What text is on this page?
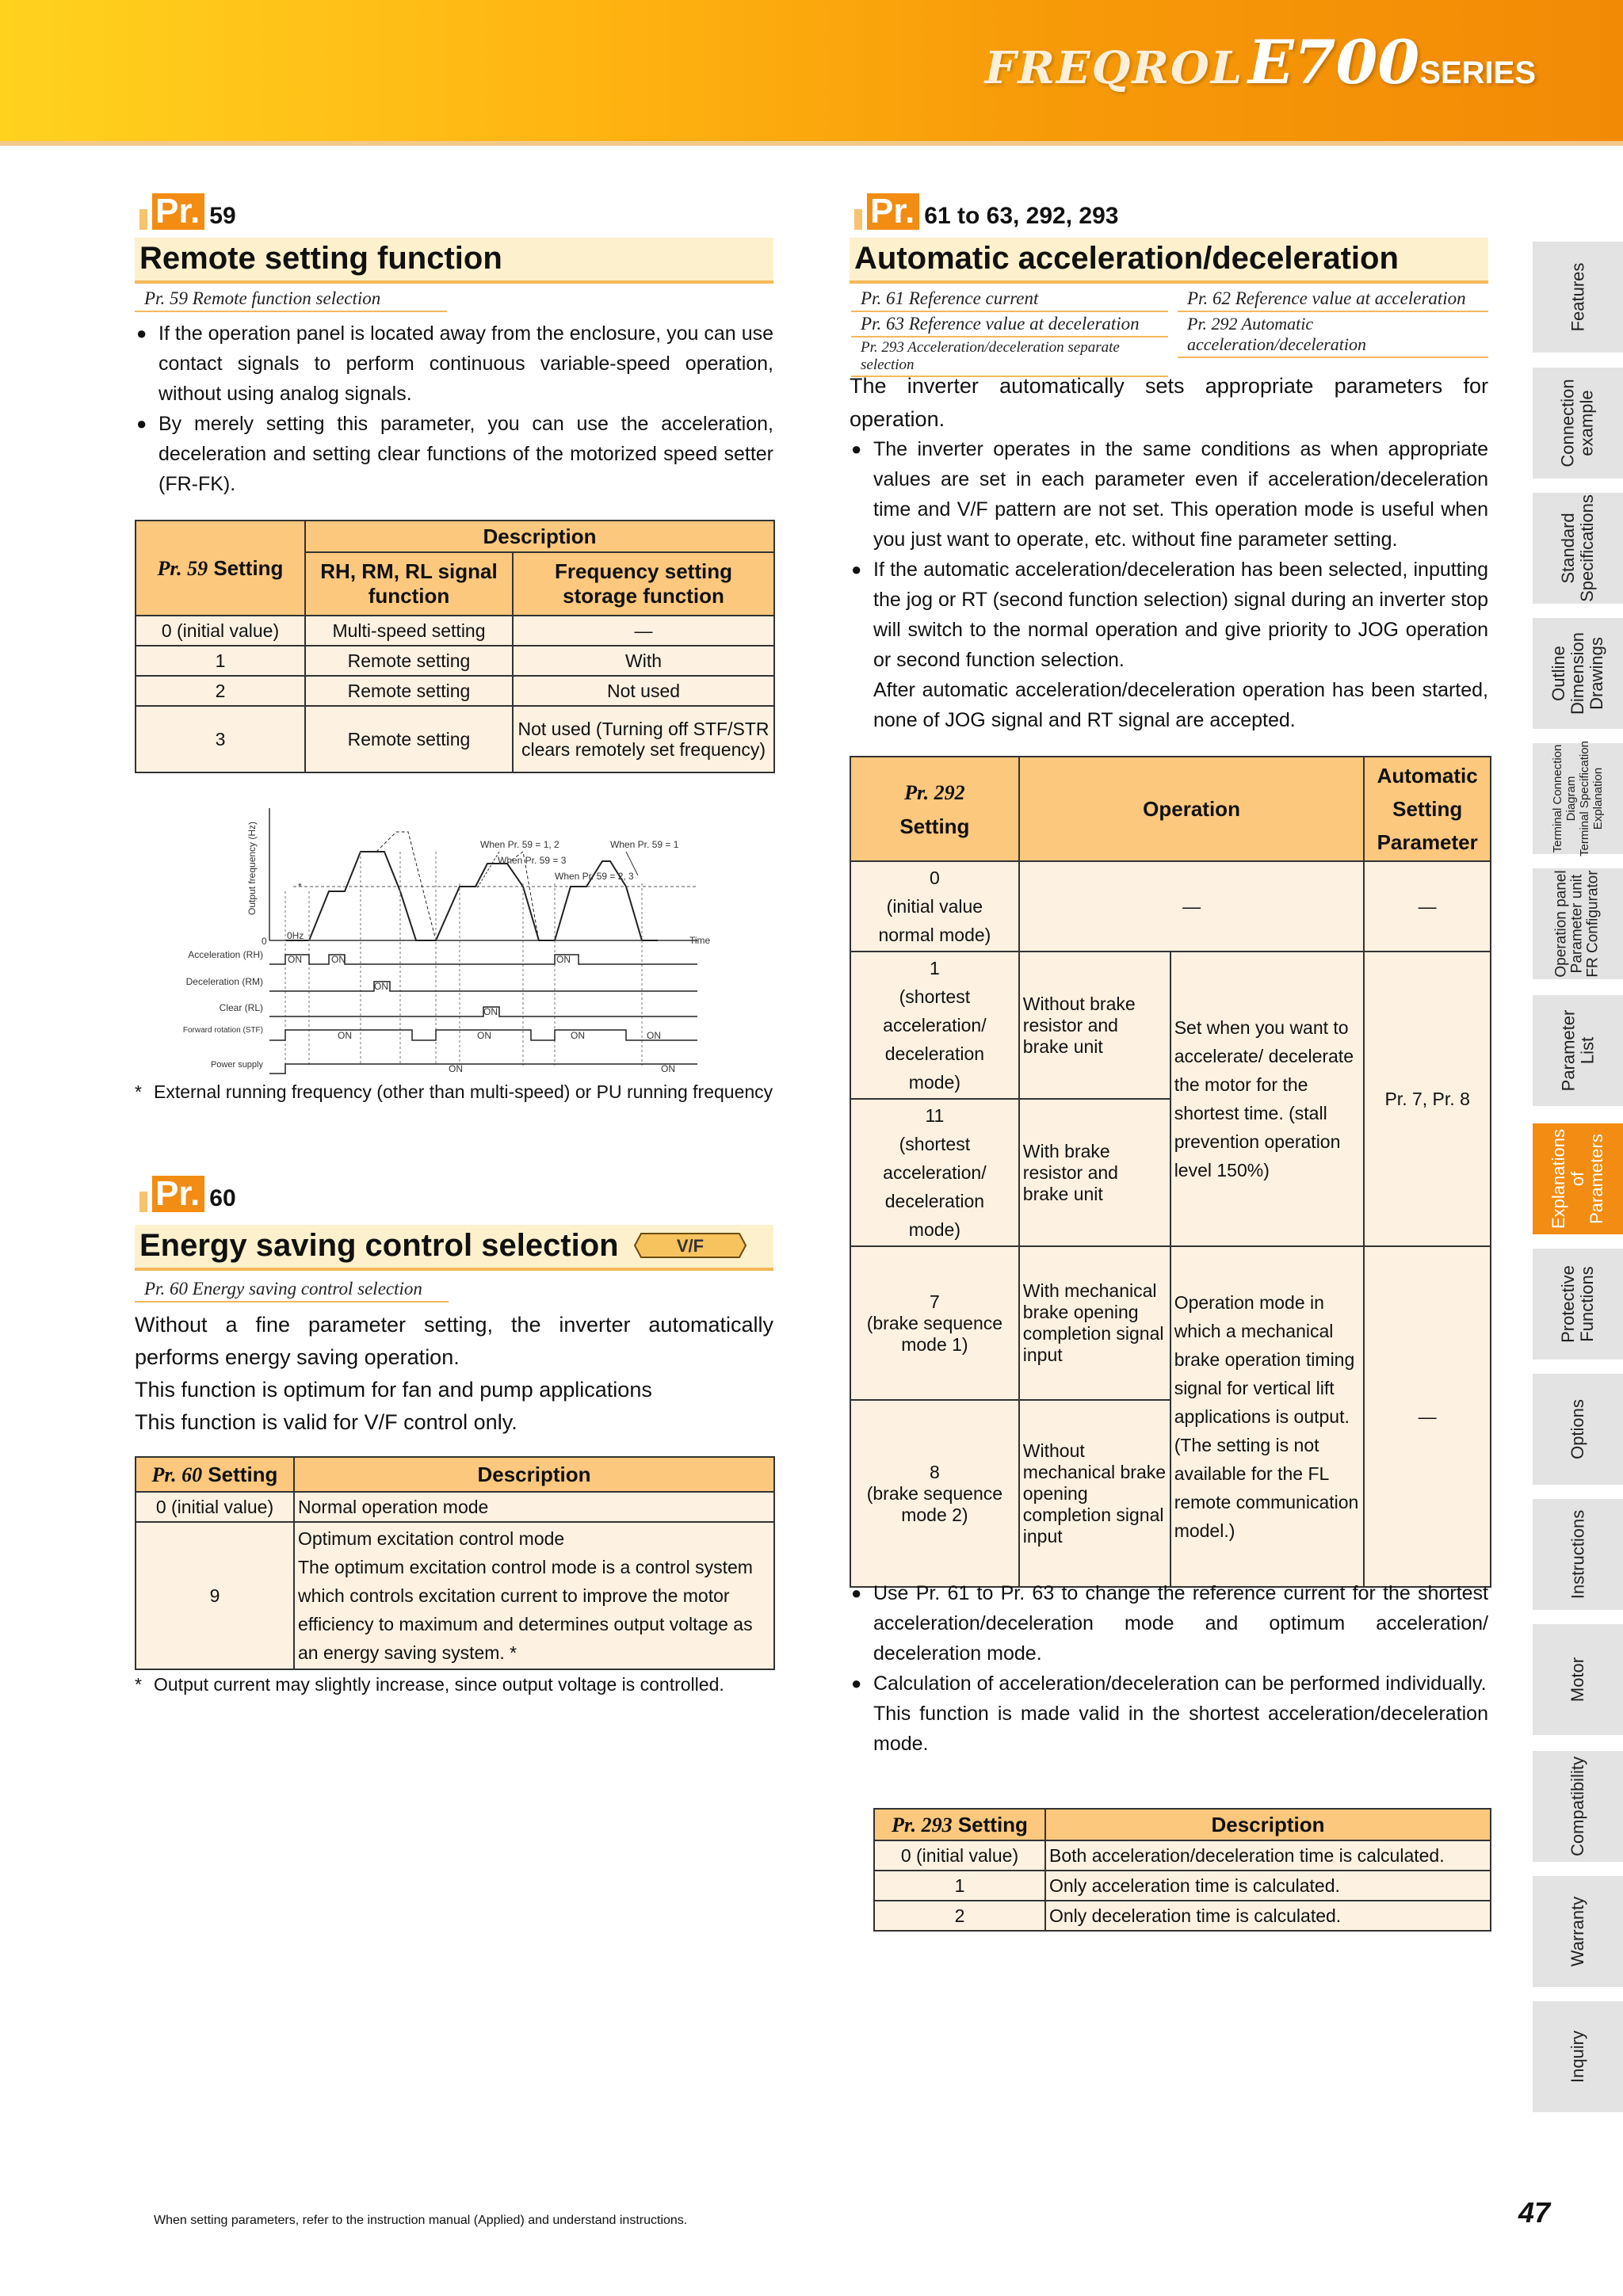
FREQROL E700SERIES
Pr. 59
Remote setting function
Pr. 59 Remote function selection
● If the operation panel is located away from the enclosure, you can use contact signals to perform continuous variable-speed operation, without using analog signals.
● By merely setting this parameter, you can use the acceleration, deceleration and setting clear functions of the motorized speed setter (FR-FK).
Pr. 59 Setting	Description	
	RH, RM, RL signal function	Frequency setting storage function
0 (initial value)	Multi-speed setting	—
1	Remote setting	With
2	Remote setting	Not used
3	Remote setting	Not used (Turning off STF/STR clears remotely set frequency)
Output frequency (Hz)
0 0Hz	Time
*
When Pr. 59 = 1, 2	When Pr. 59 = 1
When Pr. 59 = 3
When Pr. 59 = 2, 3
Acceleration (RH)
Deceleration (RM)
Clear (RL)
Forward rotation (STF)
Power supply
ON	ON	ON
ON
ON
ON	ON	ON	ON
ON	ON
* External running frequency (other than multi-speed) or PU running frequency
Pr. 60
Energy saving control selection	V/F
Pr. 60 Energy saving control selection
Without a fine parameter setting, the inverter automatically performs energy saving operation.
This function is optimum for fan and pump applications
This function is valid for V/F control only.
Pr. 60 Setting	Description
0 (initial value)	Normal operation mode
9	Optimum excitation control mode
The optimum excitation control mode is a control system which controls excitation current to improve the motor efficiency to maximum and determines output voltage as an energy saving system. *
* Output current may slightly increase, since output voltage is controlled.
Pr. 61 to 63, 292, 293
Automatic acceleration/deceleration
Pr. 61 Reference current	Pr. 62 Reference value at acceleration
Pr. 63 Reference value at deceleration	Pr. 292 Automatic acceleration/deceleration
Pr. 293 Acceleration/deceleration separate selection
The inverter automatically sets appropriate parameters for operation.
● The inverter operates in the same conditions as when appropriate values are set in each parameter even if acceleration/deceleration time and V/F pattern are not set. This operation mode is useful when you just want to operate, etc. without fine parameter setting.
● If the automatic acceleration/deceleration has been selected, inputting the jog or RT (second function selection) signal during an inverter stop will switch to the normal operation and give priority to JOG operation or second function selection.
After automatic acceleration/deceleration operation has been started, none of JOG signal and RT signal are accepted.
Pr. 292
Setting	Operation		Automatic Setting Parameter
0
(initial value
normal mode)	—		—
1
(shortest
acceleration/
deceleration
mode)	Without brake resistor and brake unit	Set when you want to accelerate/ decelerate the motor for the shortest time. (stall prevention operation level 150%)	Pr. 7, Pr. 8
11
(shortest
acceleration/
deceleration
mode)	With brake resistor and brake unit		
7
(brake sequence
mode 1)	With mechanical brake opening completion signal input	Operation mode in which a mechanical brake operation timing signal for vertical lift applications is output. (The setting is not available for the FL remote communication model.)	—
8
(brake sequence
mode 2)	Without mechanical brake opening completion signal input		
● Use Pr. 61 to Pr. 63 to change the reference current for the shortest acceleration/deceleration mode and optimum acceleration/ deceleration mode.
● Calculation of acceleration/deceleration can be performed individually.
This function is made valid in the shortest acceleration/deceleration mode.
Pr. 293 Setting	Description
0 (initial value)	Both acceleration/deceleration time is calculated.
1	Only acceleration time is calculated.
2	Only deceleration time is calculated.
Features
Connection
example
Standard
Specifications
Outline
Dimension
Drawings
Terminal Connection
Diagram
Terminal Specification
Explanation
Operation panel
Parameter unit
FR Configurator
Parameter
List
Explanations
of
Parameters
Protective
Functions
Options
Instructions
Motor
Compatibility
Warranty
Inquiry
When setting parameters, refer to the instruction manual (Applied) and understand instructions.	47
